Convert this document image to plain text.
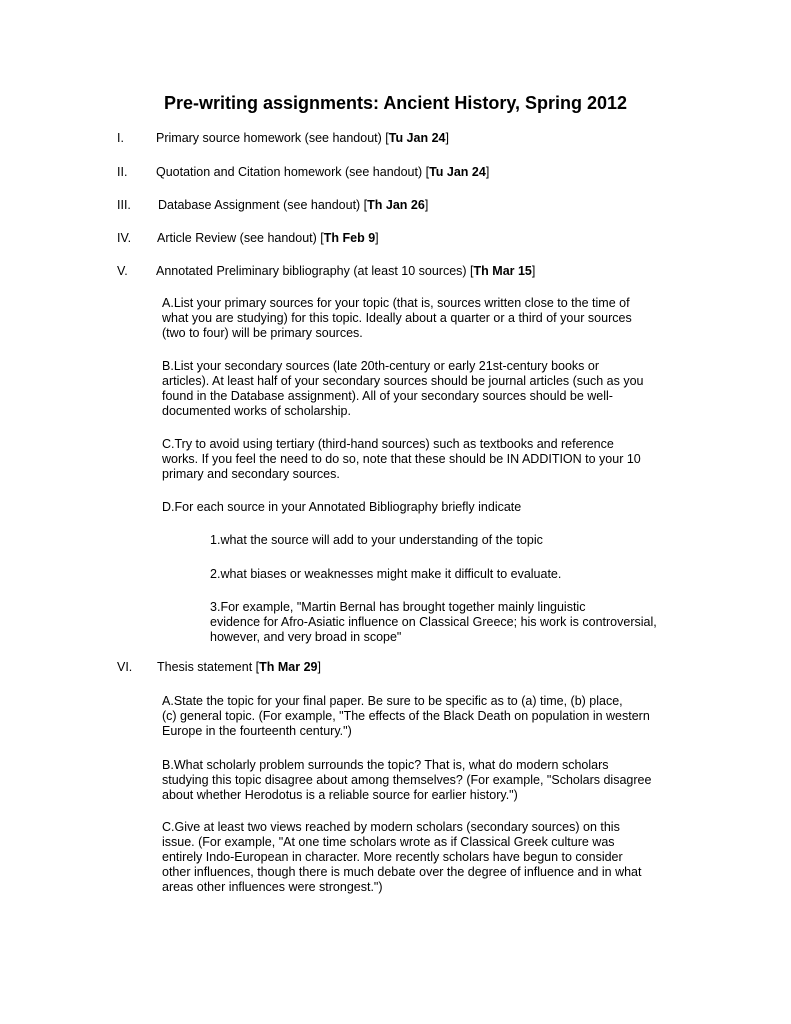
Pre-writing assignments: Ancient History, Spring 2012
I.	Primary source homework (see handout) [Tu Jan 24]
II. Quotation and Citation homework (see handout) [Tu Jan 24]
III. Database Assignment (see handout) [Th Jan 26]
IV. Article Review (see handout) [Th Feb 9]
V. Annotated Preliminary bibliography (at least 10 sources) [Th Mar 15]
A.List your primary sources for your topic (that is, sources written close to the time of
what you are studying) for this topic. Ideally about a quarter or a third of your sources
(two to four) will be primary sources.
B.List your secondary sources (late 20th-century or early 21st-century books or
articles). At least half of your secondary sources should be journal articles (such as you
found in the Database assignment). All of your secondary sources should be well-
documented works of scholarship.
C.Try to avoid using tertiary (third-hand sources) such as textbooks and reference
works. If you feel the need to do so, note that these should be IN ADDITION to your 10
primary and secondary sources.
D.For each source in your Annotated Bibliography briefly indicate
1.what the source will add to your understanding of the topic
2.what biases or weaknesses might make it difficult to evaluate.
3.For example, "Martin Bernal has brought together mainly linguistic
evidence for Afro-Asiatic influence on Classical Greece; his work is controversial,
however, and very broad in scope"
VI. Thesis statement [Th Mar 29]
A.State the topic for your final paper. Be sure to be specific as to (a) time, (b) place,
(c) general topic. (For example, "The effects of the Black Death on population in western
Europe in the fourteenth century.")
B.What scholarly problem surrounds the topic? That is, what do modern scholars
studying this topic disagree about among themselves? (For example, "Scholars disagree
about whether Herodotus is a reliable source for earlier history.")
C.Give at least two views reached by modern scholars (secondary sources) on this
issue. (For example, "At one time scholars wrote as if Classical Greek culture was
entirely Indo-European in character. More recently scholars have begun to consider
other influences, though there is much debate over the degree of influence and in what
areas other influences were strongest.")
